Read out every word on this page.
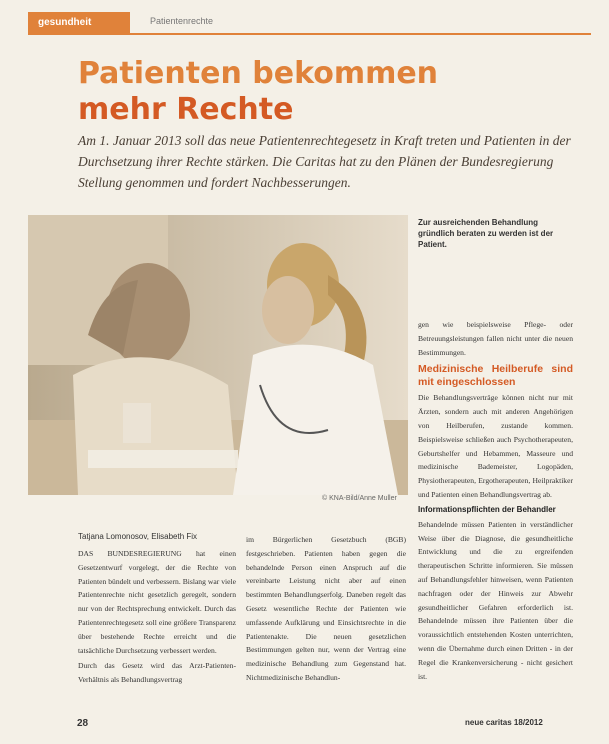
gesundheit	Patientenrechte
Patienten bekommen
mehr Rechte
Am 1. Januar 2013 soll das neue Patientenrechtegesetz in Kraft treten und Patienten in der Durchsetzung ihrer Rechte stärken. Die Caritas hat zu den Plänen der Bundesregierung Stellung genommen und fordert Nachbesserungen.
© KNA-Bild/Anne Muller
Zur ausreichenden Behandlung gründlich beraten zu werden ist der Patient.
Tatjana Lomonosov, Elisabeth Fix

DAS BUNDESREGIERUNG hat einen Gesetzentwurf vorgelegt, der die Rechte von Patienten bündelt und verbessern. Bislang war viele Patientenrechte nicht gesetzlich geregelt, sondern nur von der Rechtsprechung entwickelt. Durch das Patientenrechtegesetz soll eine größere Transparenz über bestehende Rechte erreicht und die tatsächliche Durchsetzung verbessert werden.

Durch das Gesetz wird das Arzt-Patienten-Verhältnis als Behandlungsvertrag

im Bürgerlichen Gesetzbuch (BGB) festgeschrieben. Patienten haben gegen die behandelnde Person einen Anspruch auf die vereinbarte Leistung nicht aber auf einen bestimmten Behandlungserfolg. Daneben regelt das Gesetz wesentliche Rechte der Patienten wie umfassende Aufklärung und Einsichtsrechte in die Patientenakte. Die neuen gesetzlichen Bestimmungen gelten nur, wenn der Vertrag eine medizinische Behandlung zum Gegenstand hat. Nichtmedizinische Behandlun-

gen wie beispielsweise Pflege- oder Betreuungsleistungen fallen nicht unter die neuen Bestimmungen.

Medizinische Heilberufe sind mit eingeschlossen

Die Behandlungsverträge können nicht nur mit Ärzten, sondern auch mit anderen Angehörigen von Heilberufen, zustande kommen. Beispielsweise schließen auch Psychotherapeuten, Geburtshelfer und Hebammen, Masseure und medizinische Bademeister, Logopäden, Physiotherapeuten, Ergotherapeuten, Heilpraktiker und Patienten einen Behandlungsvertrag ab.

Informationspflichten der Behandler

Behandelnde müssen Patienten in verständlicher Weise über die Diagnose, die gesundheitliche Entwicklung und die zu ergreifenden therapeutischen Schritte informieren. Sie müssen auf Behandlungsfehler hinweisen, wenn Patienten nachfragen oder der Hinweis zur Abwehr gesundheitlicher Gefahren erforderlich ist. Behandelnde müssen ihre Patienten über die voraussichtlich entstehenden Kosten unterrichten, wenn die Übernahme durch einen Dritten - in der Regel die Krankenversicherung - nicht gesichert ist.

28	neue caritas 18/2012
